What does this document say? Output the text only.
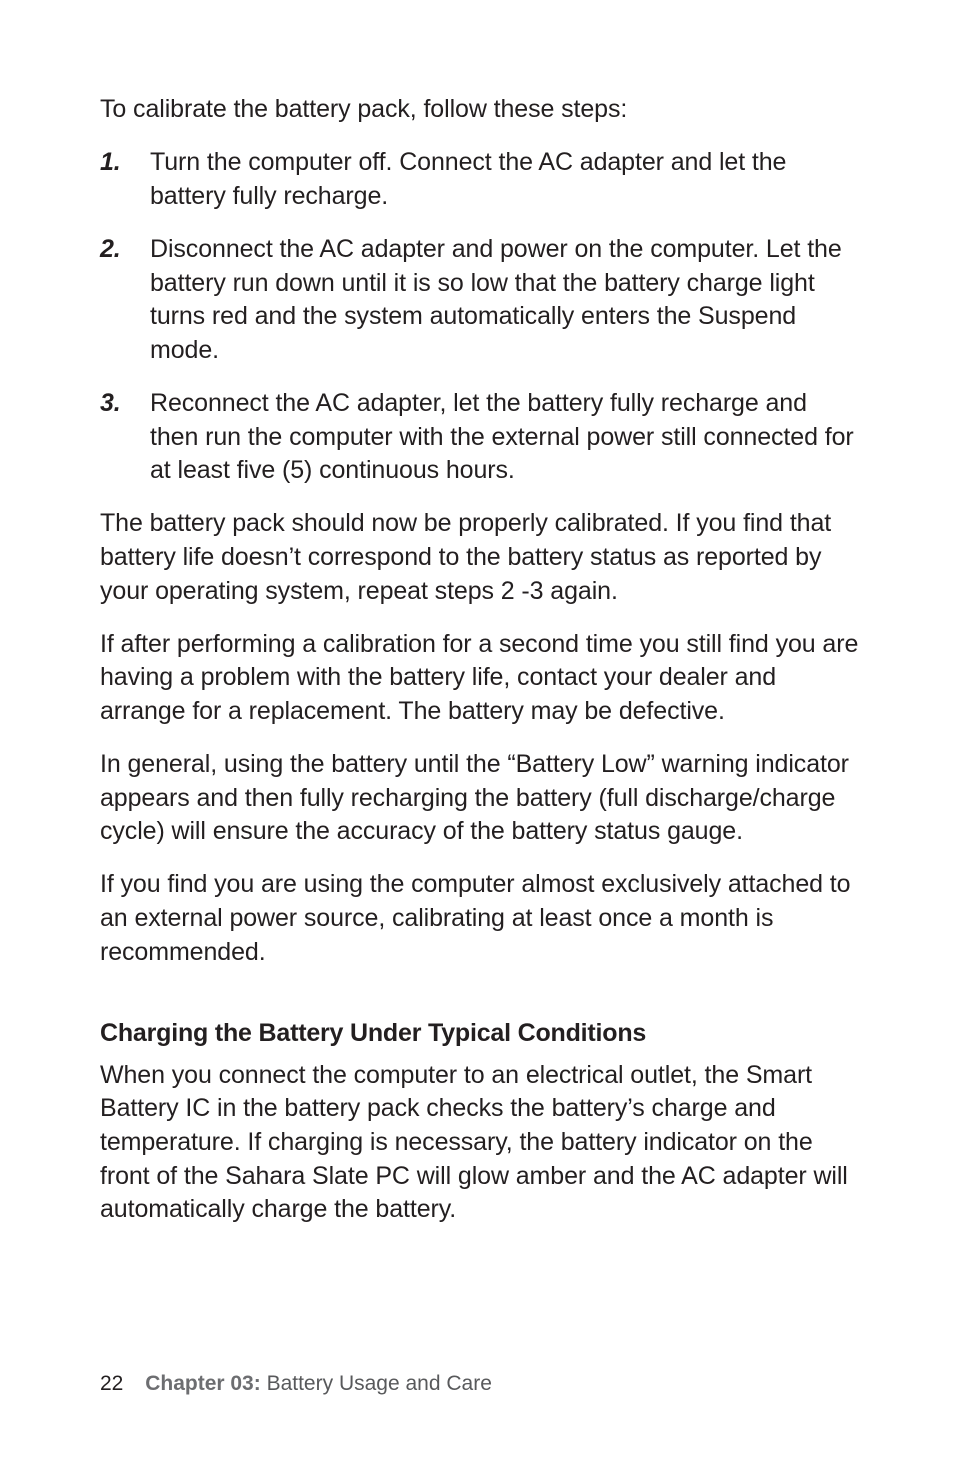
To calibrate the battery pack, follow these steps:

1.	Turn the computer off. Connect the AC adapter and let the battery fully recharge.
2.	Disconnect the AC adapter and power on the computer. Let the battery run down until it is so low that the battery charge light turns red and the system automatically enters the Suspend mode.
3.	Reconnect the AC adapter, let the battery fully recharge and then run the computer with the external power still connected for at least five (5) continuous hours.

The battery pack should now be properly calibrated. If you find that battery life doesn’t correspond to the battery status as reported by your operating system, repeat steps 2 -3 again.

If after performing a calibration for a second time you still find you are having a problem with the battery life, contact your dealer and arrange for a replacement. The battery may be defective.

In general, using the battery until the “Battery Low” warning indicator appears and then fully recharging the battery (full discharge/charge cycle) will ensure the accuracy of the battery status gauge.

If you find you are using the computer almost exclusively attached to an external power source, calibrating at least once a month is recommended.

Charging the Battery Under Typical Conditions

When you connect the computer to an electrical outlet, the Smart Battery IC in the battery pack checks the battery’s charge and temperature. If charging is necessary, the battery indicator on the front of the Sahara Slate PC will glow amber and the AC adapter will automatically charge the battery.

22 Chapter 03: Battery Usage and Care
